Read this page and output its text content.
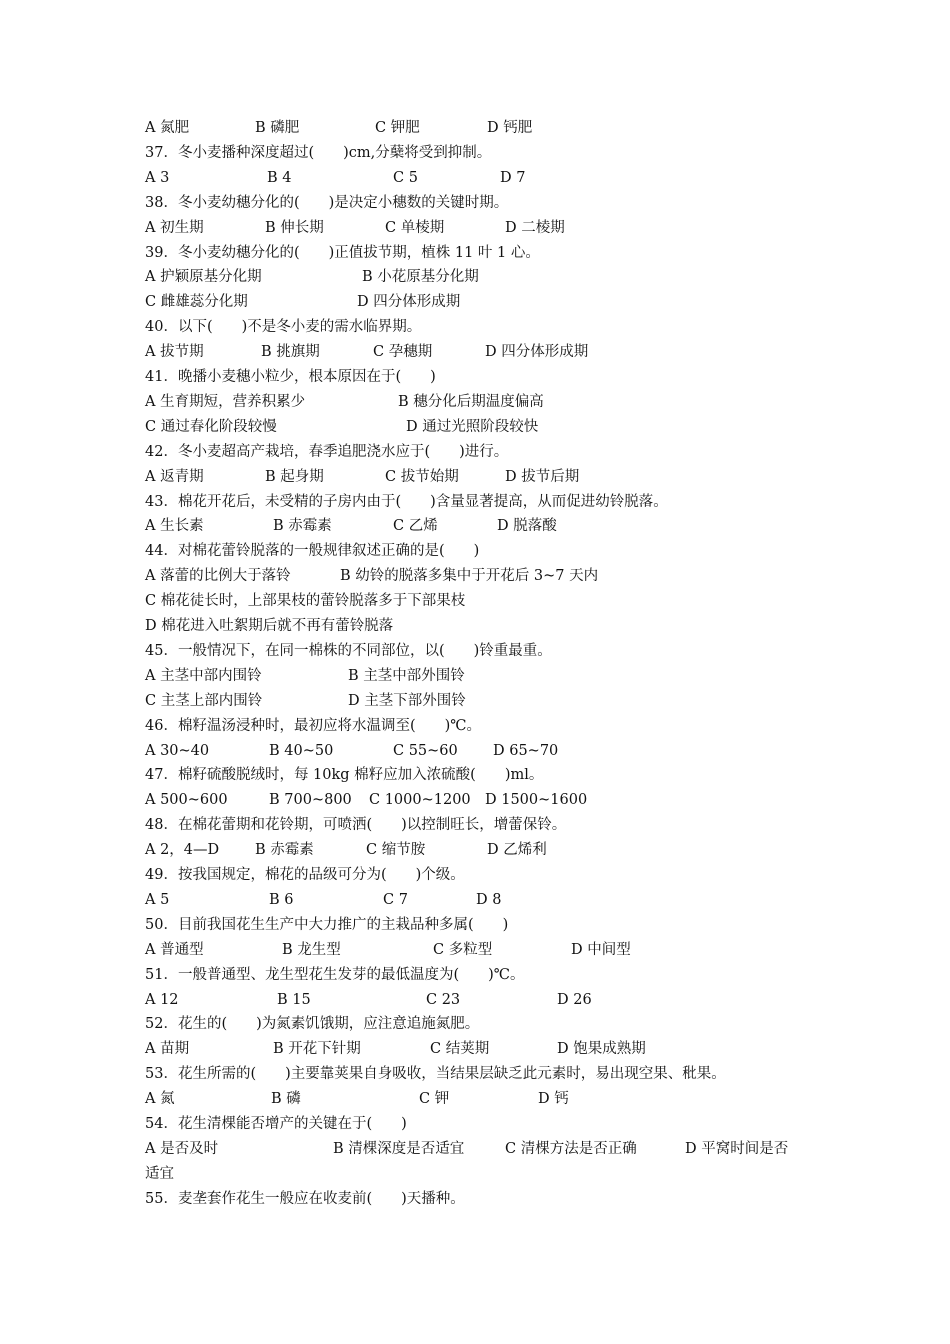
A 氮肥	B 磷肥	C 钾肥	D 钙肥
37．冬小麦播种深度超过(　　)cm,分蘖将受到抑制。
A 3	B 4	C 5	D 7
38．冬小麦幼穗分化的(　　)是决定小穗数的关键时期。
A 初生期	B 伸长期	C 单棱期	D 二棱期
39．冬小麦幼穗分化的(　　)正值拔节期，植株 11 叶 1 心。
A 护颖原基分化期	B 小花原基分化期
C 雌雄蕊分化期	D 四分体形成期
40．以下(　　)不是冬小麦的需水临界期。
A 拔节期	B 挑旗期	C 孕穗期	D 四分体形成期
41．晚播小麦穗小粒少，根本原因在于(　　)
A 生育期短，营养积累少	B 穗分化后期温度偏高
C 通过春化阶段较慢	D 通过光照阶段较快
42．冬小麦超高产栽培，春季追肥浇水应于(　　)进行。
A 返青期	B 起身期	C 拔节始期	D 拔节后期
43．棉花开花后，未受精的子房内由于(　　)含量显著提高，从而促进幼铃脱落。
A 生长素	B 赤霉素	C 乙烯	D 脱落酸
44．对棉花蕾铃脱落的一般规律叙述正确的是(　　)
A 落蕾的比例大于落铃	B 幼铃的脱落多集中于开花后 3~7 天内
C 棉花徒长时，上部果枝的蕾铃脱落多于下部果枝
D 棉花进入吐絮期后就不再有蕾铃脱落
45．一般情况下，在同一棉株的不同部位，以(　　)铃重最重。
A 主茎中部内围铃	B 主茎中部外围铃
C 主茎上部内围铃	D 主茎下部外围铃
46．棉籽温汤浸种时，最初应将水温调至(　　)℃。
A 30~40	B 40~50	C 55~60 D 65~70
47．棉籽硫酸脱绒时，每 10kg 棉籽应加入浓硫酸(　　)ml。
A 500~600	B 700~800 C 1000~1200 D 1500~1600
48．在棉花蕾期和花铃期，可喷洒(　　)以控制旺长，增蕾保铃。
A 2，4—D B 赤霉素	C 缩节胺	D 乙烯利
49．按我国规定，棉花的品级可分为(　　)个级。
A 5	B 6	C 7	D 8
50．目前我国花生生产中大力推广的主栽品种多属(　　)
A 普通型	B 龙生型	C 多粒型	D 中间型
51．一般普通型、龙生型花生发芽的最低温度为(　　)℃。
A 12	B 15	C 23	D 26
52．花生的(　　)为氮素饥饿期，应注意追施氮肥。
A 苗期	B 开花下针期	C 结荚期	D 饱果成熟期
53．花生所需的(　　)主要靠荚果自身吸收，当结果层缺乏此元素时，易出现空果、秕果。
A 氮	B 磷	C 钾	D 钙
54．花生清棵能否增产的关键在于(　　)
A 是否及时	B 清棵深度是否适宜	C 清棵方法是否正确	D 平窝时间是否
适宜
55．麦垄套作花生一般应在收麦前(　　)天播种。
